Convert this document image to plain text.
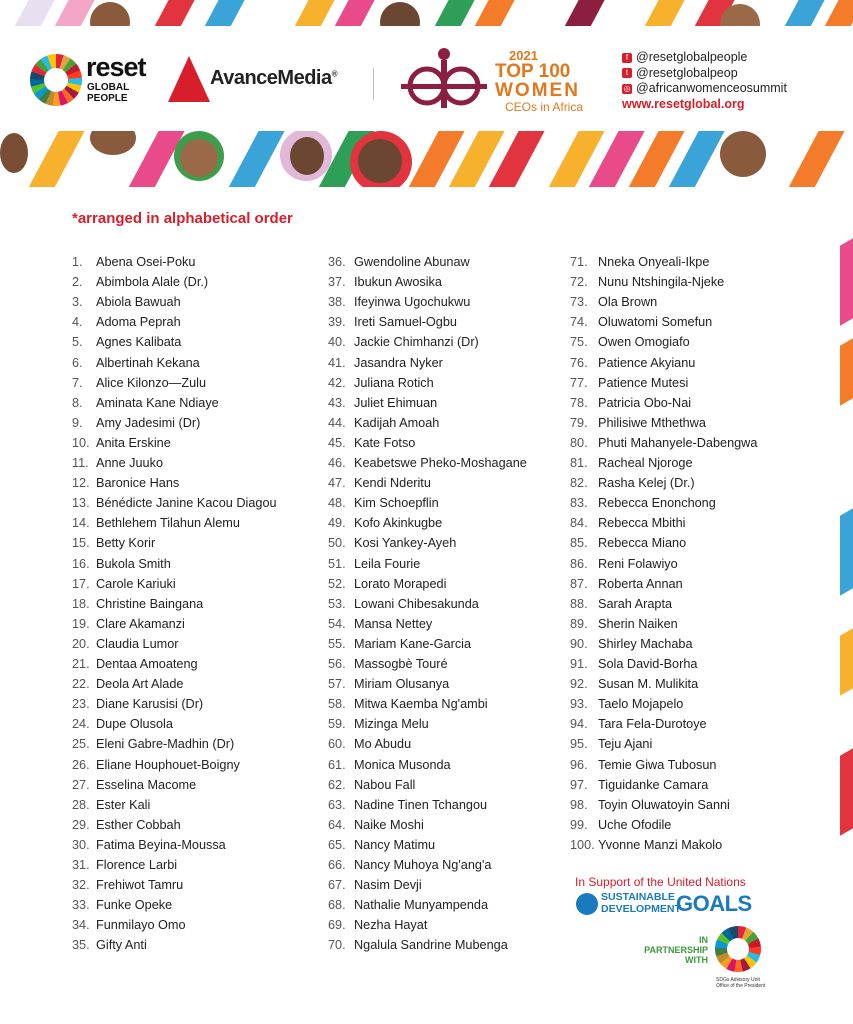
reset
GLOBAL
PEOPLE
AvanceMedia®
2021
TOP 100
WOMEN
CEOs in Africa
f @resetglobalpeople
t @resetglobalpeop
◎ @africanwomenceosummit
www.resetglobal.org
*arranged in alphabetical order
1. Abena Osei-Poku
2. Abimbola Alale (Dr.)
3. Abiola Bawuah
4. Adoma Peprah
5. Agnes Kalibata
6. Albertinah Kekana
7. Alice Kilonzo—Zulu
8. Aminata Kane Ndiaye
9. Amy Jadesimi (Dr)
10. Anita Erskine
11. Anne Juuko
12. Baronice Hans
13. Bénédicte Janine Kacou Diagou
14. Bethlehem Tilahun Alemu
15. Betty Korir
16. Bukola Smith
17. Carole Kariuki
18. Christine Baingana
19. Clare Akamanzi
20. Claudia Lumor
21. Dentaa Amoateng
22. Deola Art Alade
23. Diane Karusisi (Dr)
24. Dupe Olusola
25. Eleni Gabre-Madhin (Dr)
26. Eliane Houphouet-Boigny
27. Esselina Macome
28. Ester Kali
29. Esther Cobbah
30. Fatima Beyina-Moussa
31. Florence Larbi
32. Frehiwot Tamru
33. Funke Opeke
34. Funmilayo Omo
35. Gifty Anti
36. Gwendoline Abunaw
37. Ibukun Awosika
38. Ifeyinwa Ugochukwu
39. Ireti Samuel-Ogbu
40. Jackie Chimhanzi (Dr)
41. Jasandra Nyker
42. Juliana Rotich
43. Juliet Ehimuan
44. Kadijah Amoah
45. Kate Fotso
46. Keabetswe Pheko-Moshagane
47. Kendi Nderitu
48. Kim Schoepflin
49. Kofo Akinkugbe
50. Kosi Yankey-Ayeh
51. Leila Fourie
52. Lorato Morapedi
53. Lowani Chibesakunda
54. Mansa Nettey
55. Mariam Kane-Garcia
56. Massogbè Touré
57. Miriam Olusanya
58. Mitwa Kaemba Ng'ambi
59. Mizinga Melu
60. Mo Abudu
61. Monica Musonda
62. Nabou Fall
63. Nadine Tinen Tchangou
64. Naike Moshi
65. Nancy Matimu
66. Nancy Muhoya Ng'ang'a
67. Nasim Devji
68. Nathalie Munyampenda
69. Nezha Hayat
70. Ngalula Sandrine Mubenga
71. Nneka Onyeali-Ikpe
72. Nunu Ntshingila-Njeke
73. Ola Brown
74. Oluwatomi Somefun
75. Owen Omogiafo
76. Patience Akyianu
77. Patience Mutesi
78. Patricia Obo-Nai
79. Philisiwe Mthethwa
80. Phuti Mahanyele-Dabengwa
81. Racheal Njoroge
82. Rasha Kelej (Dr.)
83. Rebecca Enonchong
84. Rebecca Mbithi
85. Rebecca Miano
86. Reni Folawiyo
87. Roberta Annan
88. Sarah Arapta
89. Sherin Naiken
90. Shirley Machaba
91. Sola David-Borha
92. Susan M. Mulikita
93. Taelo Mojapelo
94. Tara Fela-Durotoye
95. Teju Ajani
96. Temie Giwa Tubosun
97. Tiguidanke Camara
98. Toyin Oluwatoyin Sanni
99. Uche Ofodile
100. Yvonne Manzi Makolo
In Support of the United Nations
SUSTAINABLE
DEVELOPMENT
GOALS
IN
PARTNERSHIP
WITH
SDGs Advisory Unit
Office of the President
